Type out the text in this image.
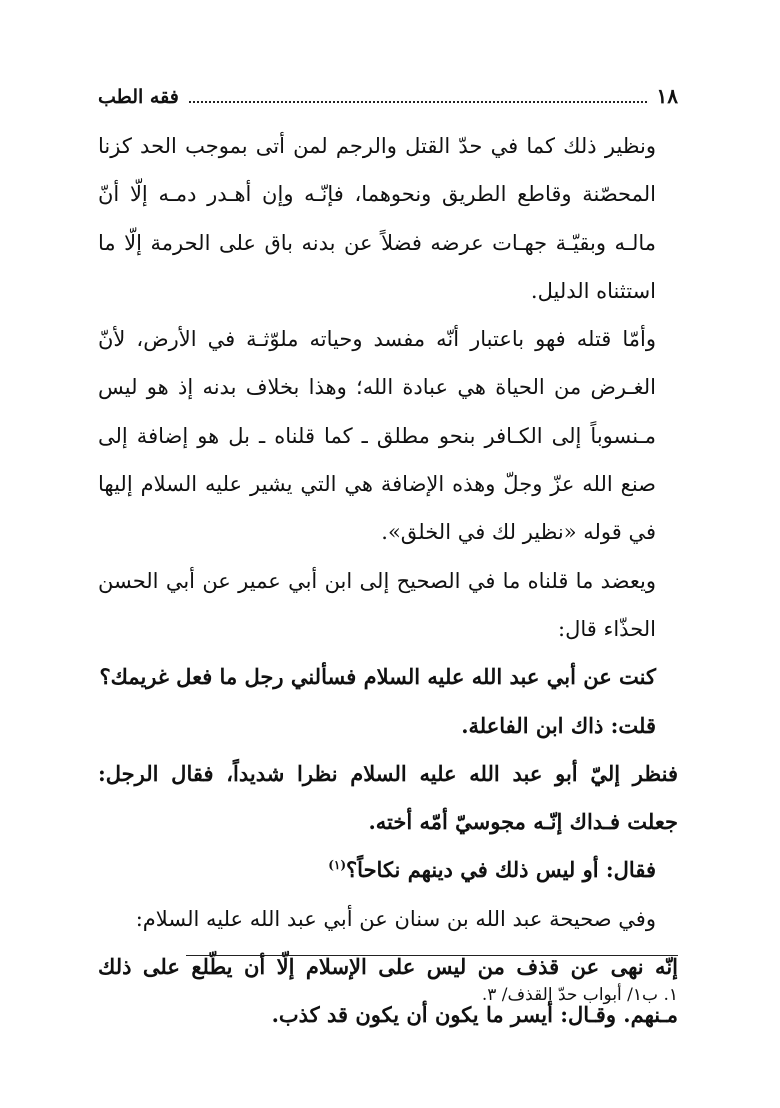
١٨
فقه الطب

ونظير ذلك كما في حدّ القتل والرجم لمن أتى بموجب الحد كزنا المحصّنة وقاطع الطريق ونحوهما، فإنّـه وإن أهـدر دمـه إلّا أنّ مالـه وبقيّـة جهـات عرضه فضلاً عن بدنه باق على الحرمة إلّا ما استثناه الدليل.

وأمّا قتله فهو باعتبار أنّه مفسد وحياته ملوّثـة في الأرض، لأنّ الغـرض من الحياة هي عبادة الله؛ وهذا بخلاف بدنه إذ هو ليس مـنسوباً إلى الكـافر بنحو مطلق ـ كما قلناه ـ بل هو إضافة إلى صنع الله عزّ وجلّ وهذه الإضافة هي التي يشير عليه السلام إليها في قوله «نظير لك في الخلق».

ويعضد ما قلناه ما في الصحيح إلى ابن أبي عمير عن أبي الحسن الحذّاء قال:

كنت عن أبي عبد الله عليه السلام فسألني رجل ما فعل غريمك؟

قلت: ذاك ابن الفاعلة.

فنظر إليّ أبو عبد الله عليه السلام نظرا شديداً، فقال الرجل: جعلت فـداك إنّـه مجوسيّ أمّه أخته.

فقال: أو ليس ذلك في دينهم نكاحاً؟$^{(١)}$

وفي صحيحة عبد الله بن سنان عن أبي عبد الله عليه السلام:

إنّه نهى عن قذف من ليس على الإسلام إلّا أن يطّلع على ذلك مـنهم. وقـال: أيسر ما يكون أن يكون قد كذب.

١. ب١/ أبواب حدّ القذف/ ٣.
